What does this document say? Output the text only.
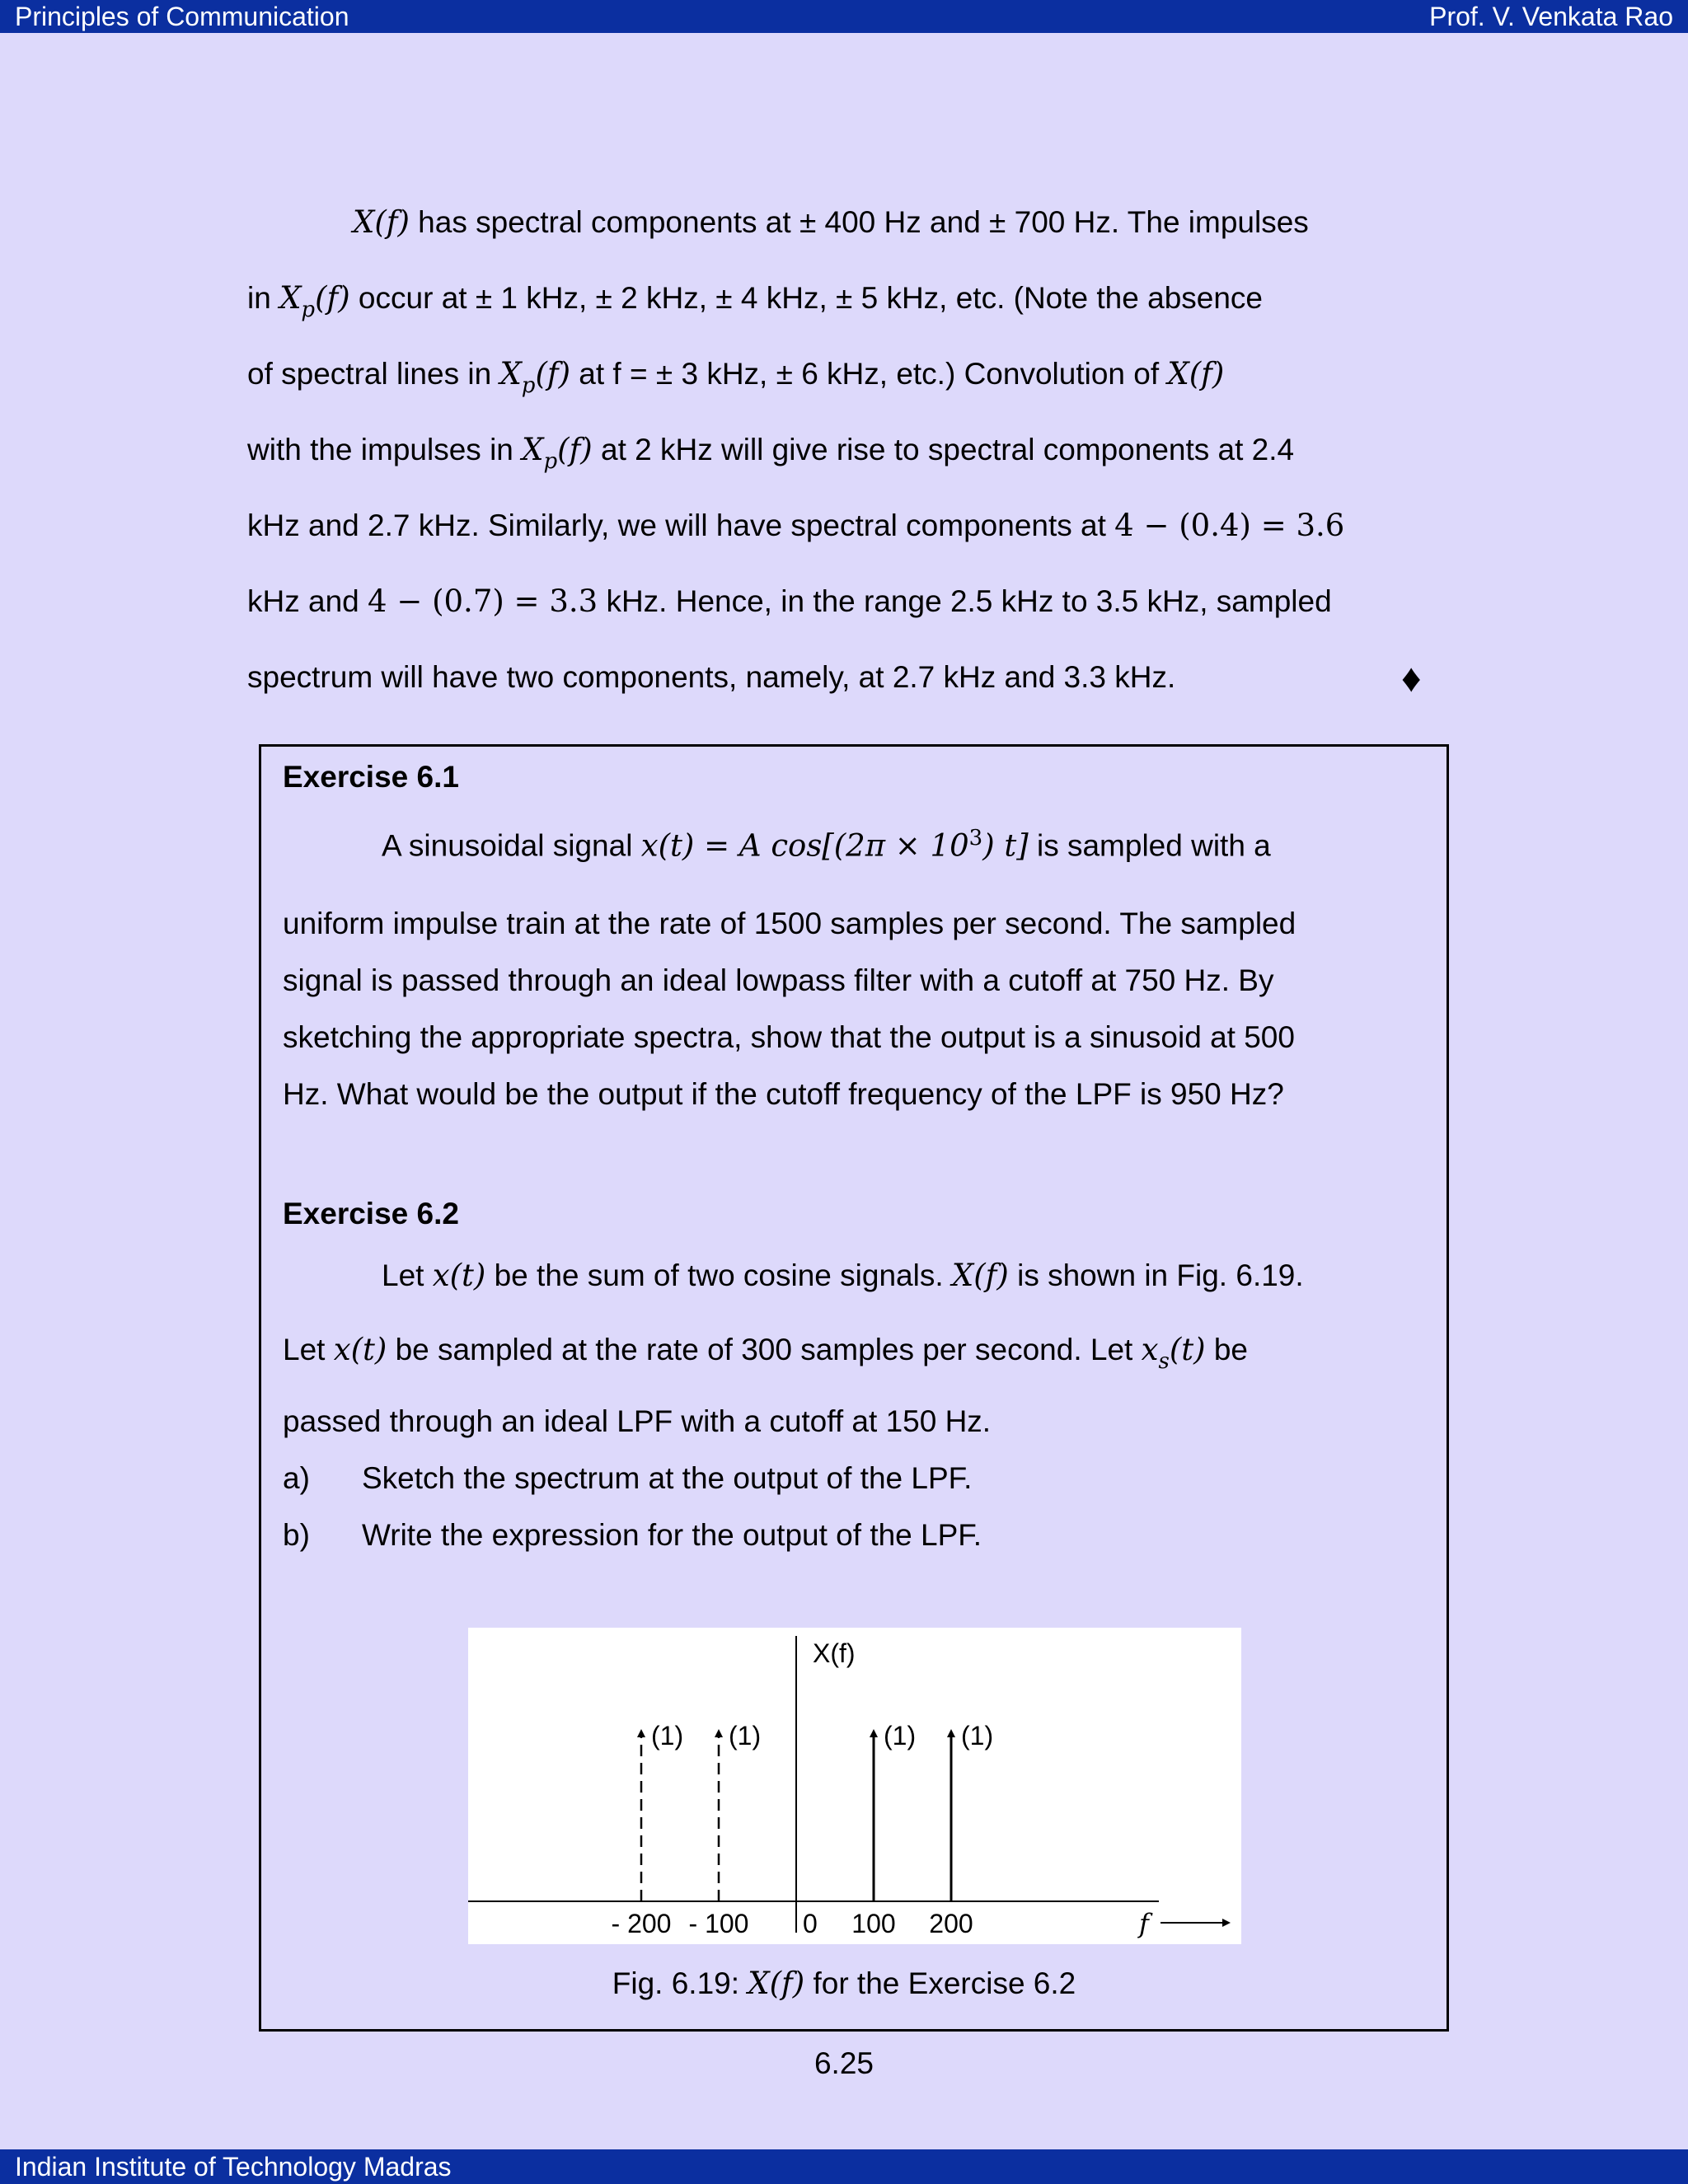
Principles of Communication	Prof. V. Venkata Rao
X(f) has spectral components at ± 400 Hz and ± 700 Hz. The impulses
in $X_p(f)$ occur at ± 1 kHz, ± 2 kHz, ± 4 kHz, ± 5 kHz, etc. (Note the absence
of spectral lines in $X_p(f)$ at f = ± 3 kHz, ± 6 kHz, etc.) Convolution of X(f)
with the impulses in $X_p(f)$ at 2 kHz will give rise to spectral components at 2.4
kHz and 2.7 kHz. Similarly, we will have spectral components at 4 − (0.4) = 3.6
kHz and 4 − (0.7) = 3.3 kHz. Hence, in the range 2.5 kHz to 3.5 kHz, sampled
spectrum will have two components, namely, at 2.7 kHz and 3.3 kHz.	♦
Exercise 6.1
A sinusoidal signal x(t) = A $\cos[(2\pi \times 10^3)$ t] is sampled with a
uniform impulse train at the rate of 1500 samples per second. The sampled
signal is passed through an ideal lowpass filter with a cutoff at 750 Hz. By
sketching the appropriate spectra, show that the output is a sinusoid at 500
Hz. What would be the output if the cutoff frequency of the LPF is 950 Hz?
Exercise 6.2
Let x(t) be the sum of two cosine signals. X(f) is shown in Fig. 6.19.
Let x(t) be sampled at the rate of 300 samples per second. Let $x_s(t)$ be
passed through an ideal LPF with a cutoff at 150 Hz.
a) Sketch the spectrum at the output of the LPF.
b) Write the expression for the output of the LPF.
X(f)
0	f
(1) (1)	(1) (1)
- 200 - 100	100 200
Fig. 6.19: X(f) for the Exercise 6.2
6.25
Indian Institute of Technology Madras
